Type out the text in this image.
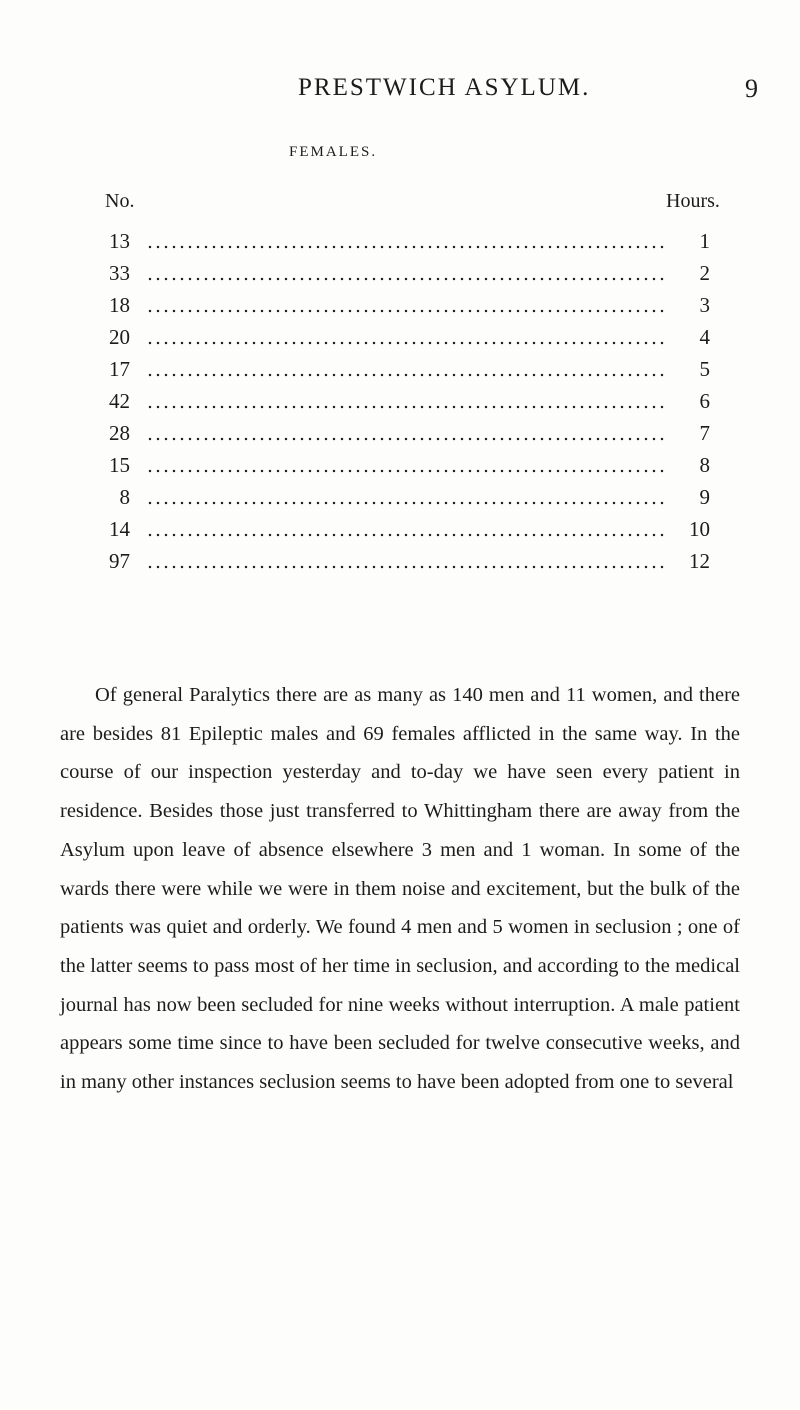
PRESTWICH ASYLUM.	9
FEMALES.
No.	Hours.
13	1
33	2
18	3
20	4
17	5
42	6
28	7
15	8
8	9
14	10
97	12

Of general Paralytics there are as many as 140 men and 11 women, and there are besides 81 Epileptic males and 69 females afflicted in the same way. In the course of our inspection yesterday and to-day we have seen every patient in residence. Besides those just transferred to Whittingham there are away from the Asylum upon leave of absence elsewhere 3 men and 1 woman. In some of the wards there were while we were in them noise and excitement, but the bulk of the patients was quiet and orderly. We found 4 men and 5 women in seclusion ; one of the latter seems to pass most of her time in seclusion, and according to the medical journal has now been secluded for nine weeks without interruption. A male patient appears some time since to have been secluded for twelve consecutive weeks, and in many other instances seclusion seems to have been adopted from one to several
